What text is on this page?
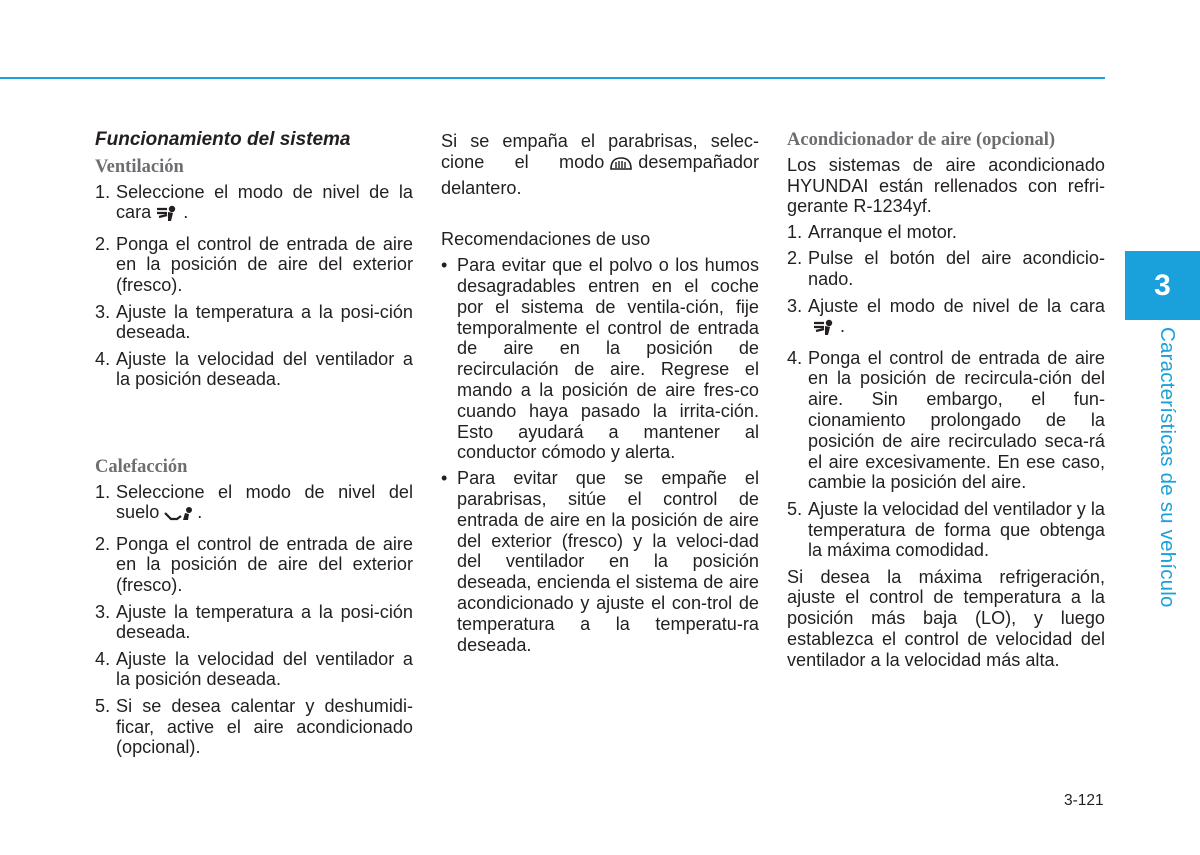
3
Características de su vehículo
Funcionamiento del sistema
Ventilación
1. Seleccione el modo de nivel de la cara .
2. Ponga el control de entrada de aire en la posición de aire del exterior (fresco).
3. Ajuste la temperatura a la posi-ción deseada.
4. Ajuste la velocidad del ventilador a la posición deseada.
Calefacción
1. Seleccione el modo de nivel del suelo .
2. Ponga el control de entrada de aire en la posición de aire del exterior (fresco).
3. Ajuste la temperatura a la posi-ción deseada.
4. Ajuste la velocidad del ventilador a la posición deseada.
5. Si se desea calentar y deshumidi-ficar, active el aire acondicionado (opcional).

Si se empaña el parabrisas, selec-cione el modo desempañador delantero.

Recomendaciones de uso

• Para evitar que el polvo o los humos desagradables entren en el coche por el sistema de ventila-ción, fije temporalmente el control de entrada de aire en la posición de recirculación de aire. Regrese el mando a la posición de aire fres-co cuando haya pasado la irrita-ción. Esto ayudará a mantener al conductor cómodo y alerta.
• Para evitar que se empañe el parabrisas, sitúe el control de entrada de aire en la posición de aire del exterior (fresco) y la veloci-dad del ventilador en la posición deseada, encienda el sistema de aire acondicionado y ajuste el con-trol de temperatura a la temperatu-ra deseada.
Acondicionador de aire (opcional)

Los sistemas de aire acondicionado HYUNDAI están rellenados con refri-gerante R-1234yf.

1. Arranque el motor.
2. Pulse el botón del aire acondicio-nado.
3. Ajuste el modo de nivel de la cara.
4. Ponga el control de entrada de aire en la posición de recircula-ción del aire. Sin embargo, el fun-cionamiento prolongado de la posición de aire recirculado seca-rá el aire excesivamente. En ese caso, cambie la posición del aire.
5. Ajuste la velocidad del ventilador y la temperatura de forma que obtenga la máxima comodidad.

Si desea la máxima refrigeración, ajuste el control de temperatura a la posición más baja (LO), y luego establezca el control de velocidad del ventilador a la velocidad más alta.

3-121
